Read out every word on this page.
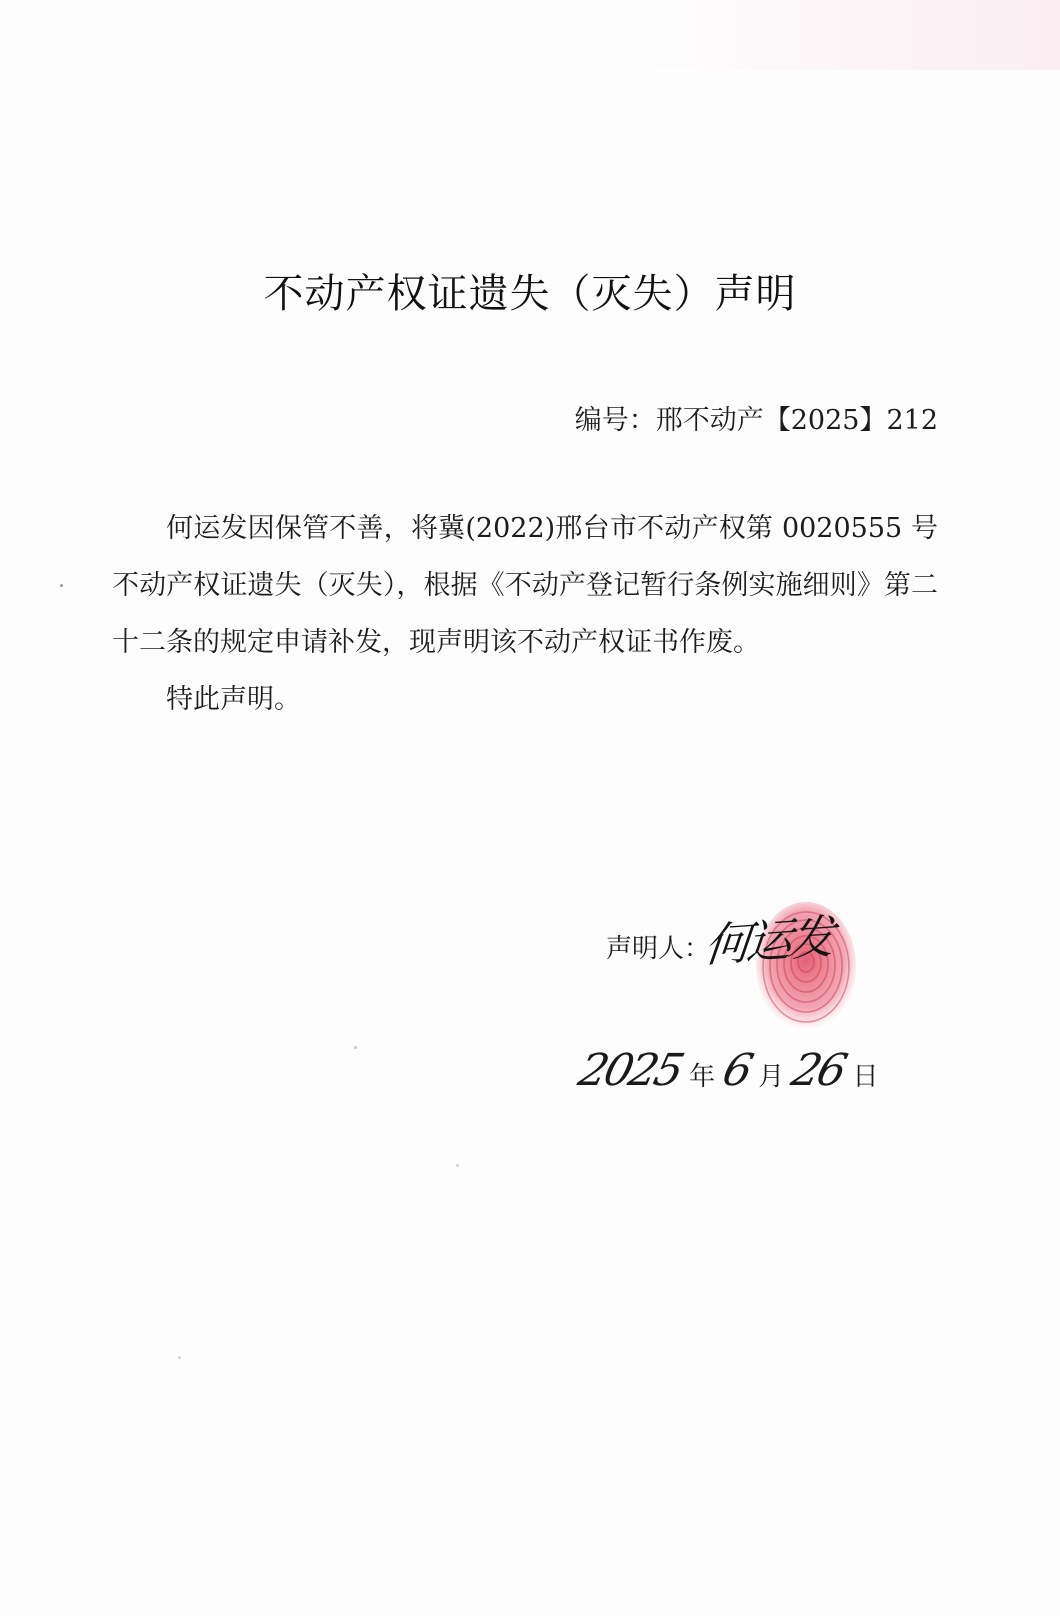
不动产权证遗失（灭失）声明
编号：邢不动产【2025】212

何运发因保管不善，将冀(2022)邢台市不动产权第 0020555 号不动产权证遗失（灭失），根据《不动产登记暂行条例实施细则》第二十二条的规定申请补发，现声明该不动产权证书作废。

特此声明。

声明人：
何运发
2025 年 6 月 26 日
